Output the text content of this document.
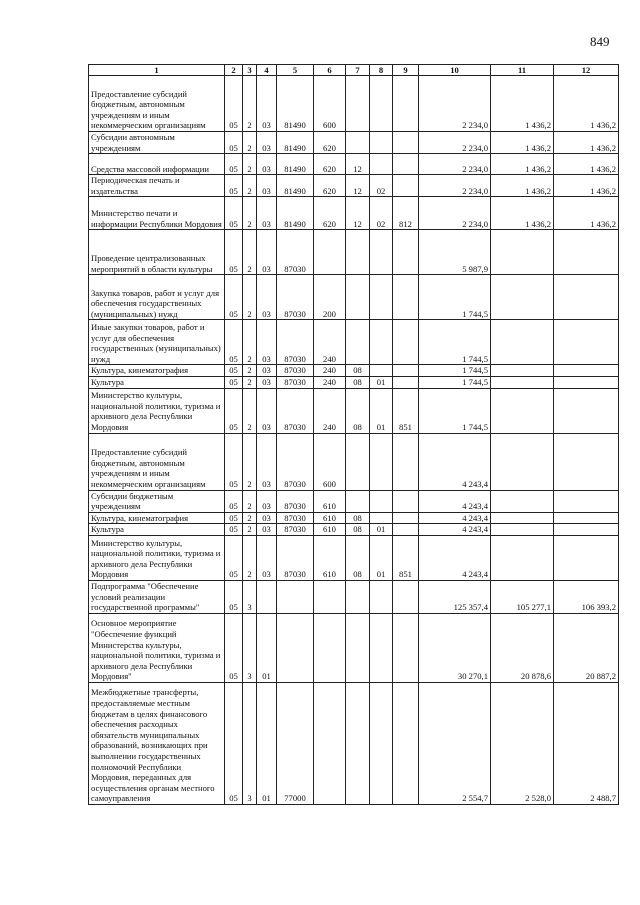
849
1	2	3	4	5	6	7	8	9	10	11	12
Предоставление субсидий бюджетным, автономным учреждениям и иным некоммерческим организациям	05	2	03	81490	600				2 234,0	1 436,2	1 436,2
Субсидии автономным учреждениям	05	2	03	81490	620				2 234,0	1 436,2	1 436,2
Средства массовой информации	05	2	03	81490	620	12			2 234,0	1 436,2	1 436,2
Периодическая печать и издательства	05	2	03	81490	620	12	02		2 234,0	1 436,2	1 436,2
Министерство печати и информации Республики Мордовия	05	2	03	81490	620	12	02	812	2 234,0	1 436,2	1 436,2
Проведение централизованных мероприятий в области культуры	05	2	03	87030					5 987,9		
Закупка товаров, работ и услуг для обеспечения государственных (муниципальных) нужд	05	2	03	87030	200				1 744,5		
Иные закупки товаров, работ и услуг для обеспечения государственных (муниципальных) нужд	05	2	03	87030	240				1 744,5		
Культура, кинематография	05	2	03	87030	240	08			1 744,5		
Культура	05	2	03	87030	240	08	01		1 744,5		
Министерство культуры, национальной политики, туризма и архивного дела Республики Мордовия	05	2	03	87030	240	08	01	851	1 744,5		
Предоставление субсидий бюджетным, автономным учреждениям и иным некоммерческим организациям	05	2	03	87030	600				4 243,4		
Субсидии бюджетным учреждениям	05	2	03	87030	610				4 243,4		
Культура, кинематография	05	2	03	87030	610	08			4 243,4		
Культура	05	2	03	87030	610	08	01		4 243,4		
Министерство культуры, национальной политики, туризма и архивного дела Республики Мордовия	05	2	03	87030	610	08	01	851	4 243,4		
Подпрограмма "Обеспечение условий реализации государственной программы"	05	3							125 357,4	105 277,1	106 393,2
Основное мероприятие "Обеспечение функций Министерства культуры, национальной политики, туризма и архивного дела Республики Мордовия"	05	3	01						30 270,1	20 878,6	20 887,2
Межбюджетные трансферты, предоставляемые местным бюджетам в целях финансового обеспечения расходных обязательств муниципальных образований, возникающих при выполнении государственных полномочий Республики Мордовия, переданных для осуществления органам местного самоуправления	05	3	01	77000					2 554,7	2 528,0	2 488,7
